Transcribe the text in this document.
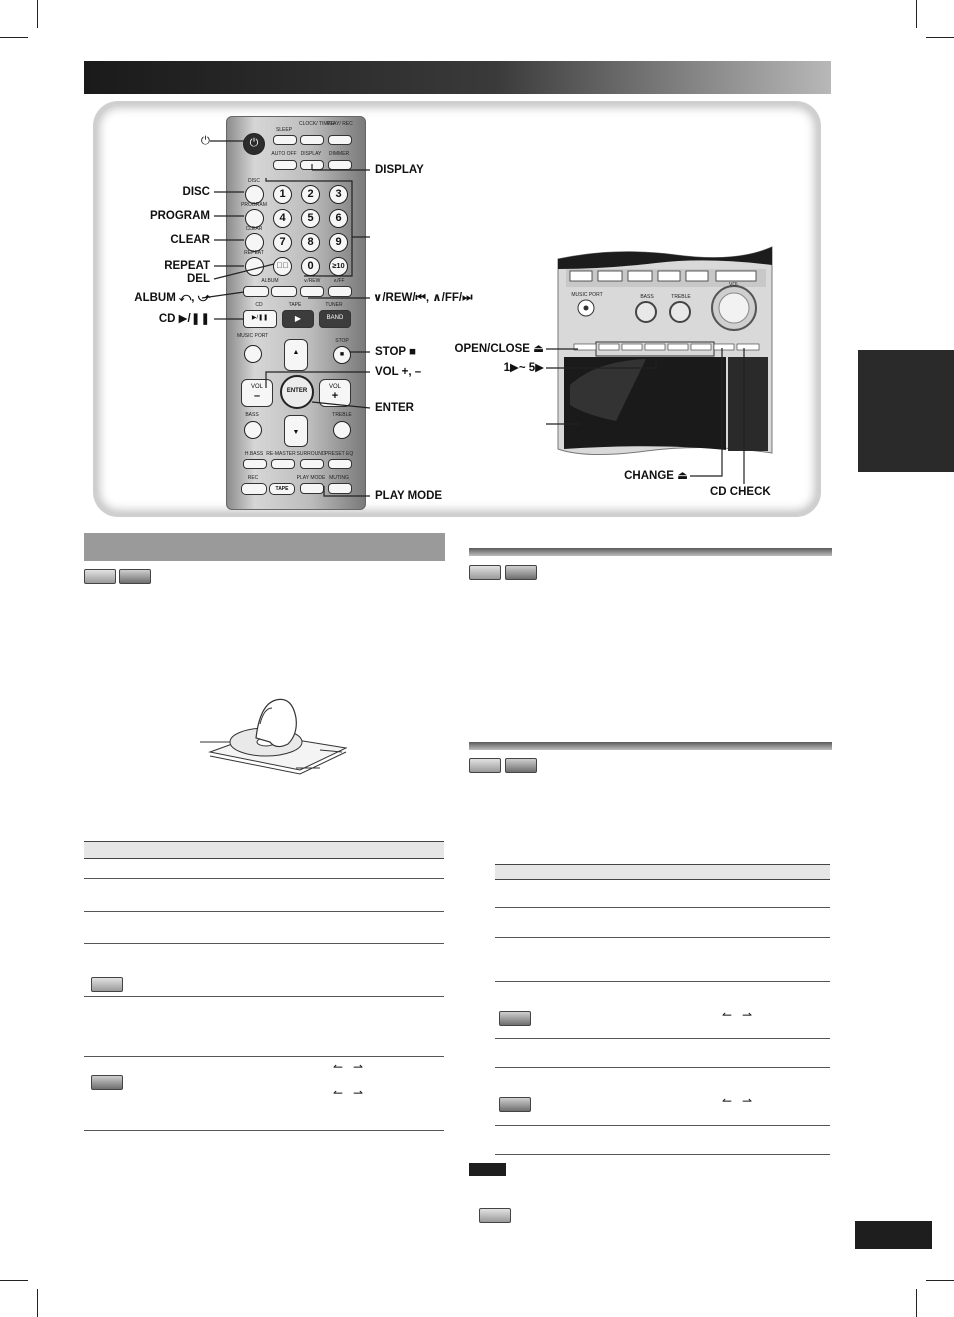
⏻
SLEEP
CLOCK/ TIMER
PLAY/ REC
AUTO OFF DISPLAY	DIMMER
DISC
PROGRAM
CLEAR
REPEAT
1	2	3
4	5	6
7	8	9
▯⃞	0	≥10
ALBUM	∨/REW	∧/FF
CD
▶/❚❚
TAPE
▶
TUNER
BAND
MUSIC PORT
STOP
■
▲
▼
VOL
–
VOL
+
ENTER
BASS	TREBLE
H.BASS RE-MASTER SURROUND PRESET EQ
REC
TAPE
PLAY MODE MUTING
VOL
BASS	TREBLE
MUSIC PORT
⏻
DISC
PROGRAM
CLEAR
REPEAT
DEL
ALBUM ⤺, ⤻
CD ▶/❚❚
DISPLAY
∨/REW/⏮, ∧/FF/⏭
STOP ■
VOL +, –
ENTER
PLAY MODE
OPEN/CLOSE ⏏
1▶~ 5▶
CHANGE ⏏
CD CHECK
↼   ⇀
↼   ⇀
↼   ⇀
↼   ⇀
